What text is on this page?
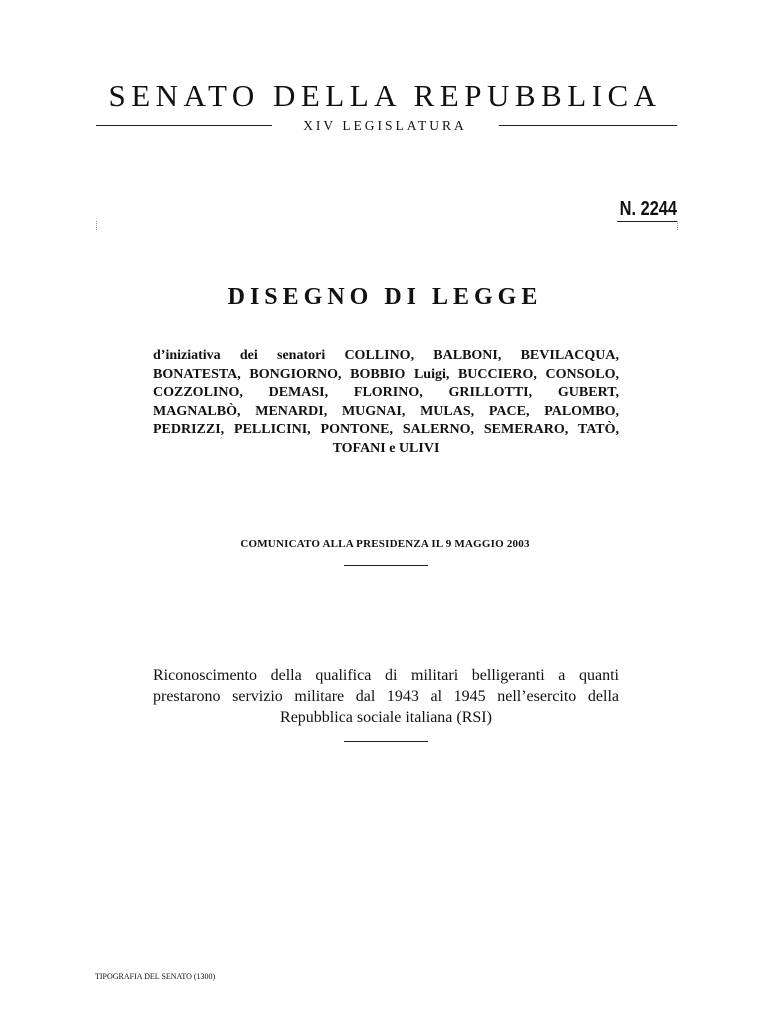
SENATO DELLA REPUBBLICA
XIV LEGISLATURA
N. 2244
DISEGNO DI LEGGE
d’iniziativa dei senatori COLLINO, BALBONI, BEVILACQUA, BONATESTA, BONGIORNO, BOBBIO Luigi, BUCCIERO, CONSOLO, COZZOLINO, DEMASI, FLORINO, GRILLOTTI, GUBERT, MAGNALBÒ, MENARDI, MUGNAI, MULAS, PACE, PALOMBO, PEDRIZZI, PELLICINI, PONTONE, SALERNO, SEMERARO, TATÒ, TOFANI e ULIVI
COMUNICATO ALLA PRESIDENZA IL 9 MAGGIO 2003
Riconoscimento della qualifica di militari belligeranti a quanti prestarono servizio militare dal 1943 al 1945 nell’esercito della Repubblica sociale italiana (RSI)
TIPOGRAFIA DEL SENATO (1300)
